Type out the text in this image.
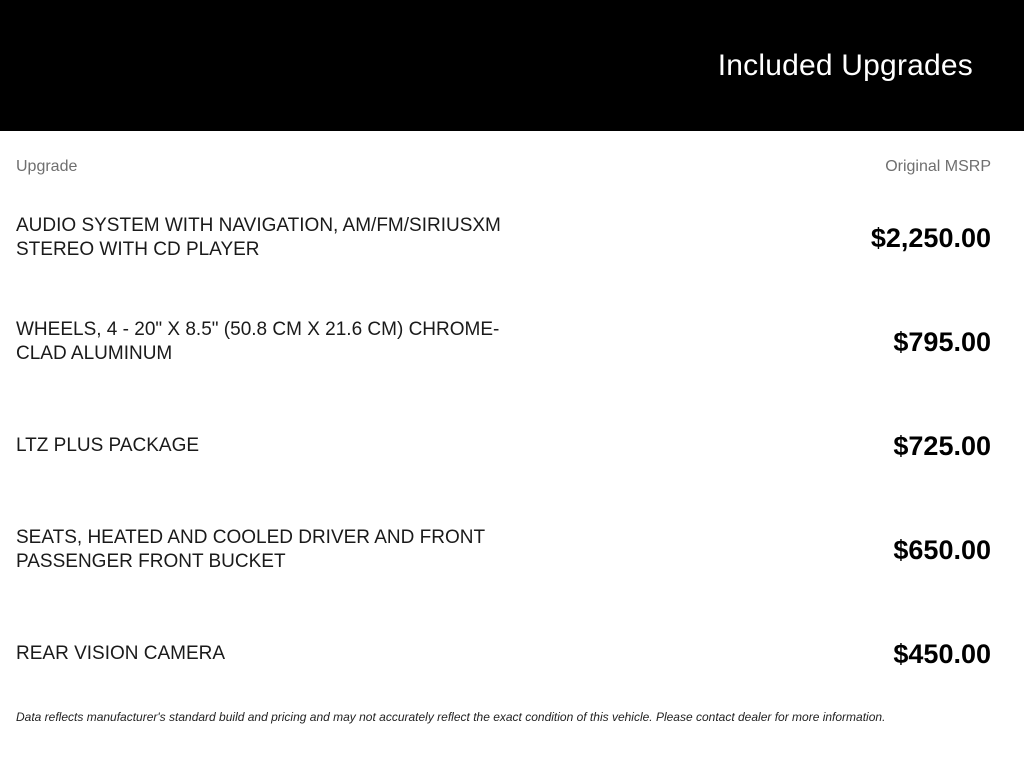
Included Upgrades
Upgrade	Original MSRP
AUDIO SYSTEM WITH NAVIGATION, AM/FM/SIRIUSXM STEREO WITH CD PLAYER	$2,250.00
WHEELS, 4 - 20" X 8.5" (50.8 CM X 21.6 CM) CHROME-CLAD ALUMINUM	$795.00
LTZ PLUS PACKAGE	$725.00
SEATS, HEATED AND COOLED DRIVER AND FRONT PASSENGER FRONT BUCKET	$650.00
REAR VISION CAMERA	$450.00
Data reflects manufacturer's standard build and pricing and may not accurately reflect the exact condition of this vehicle. Please contact dealer for more information.
